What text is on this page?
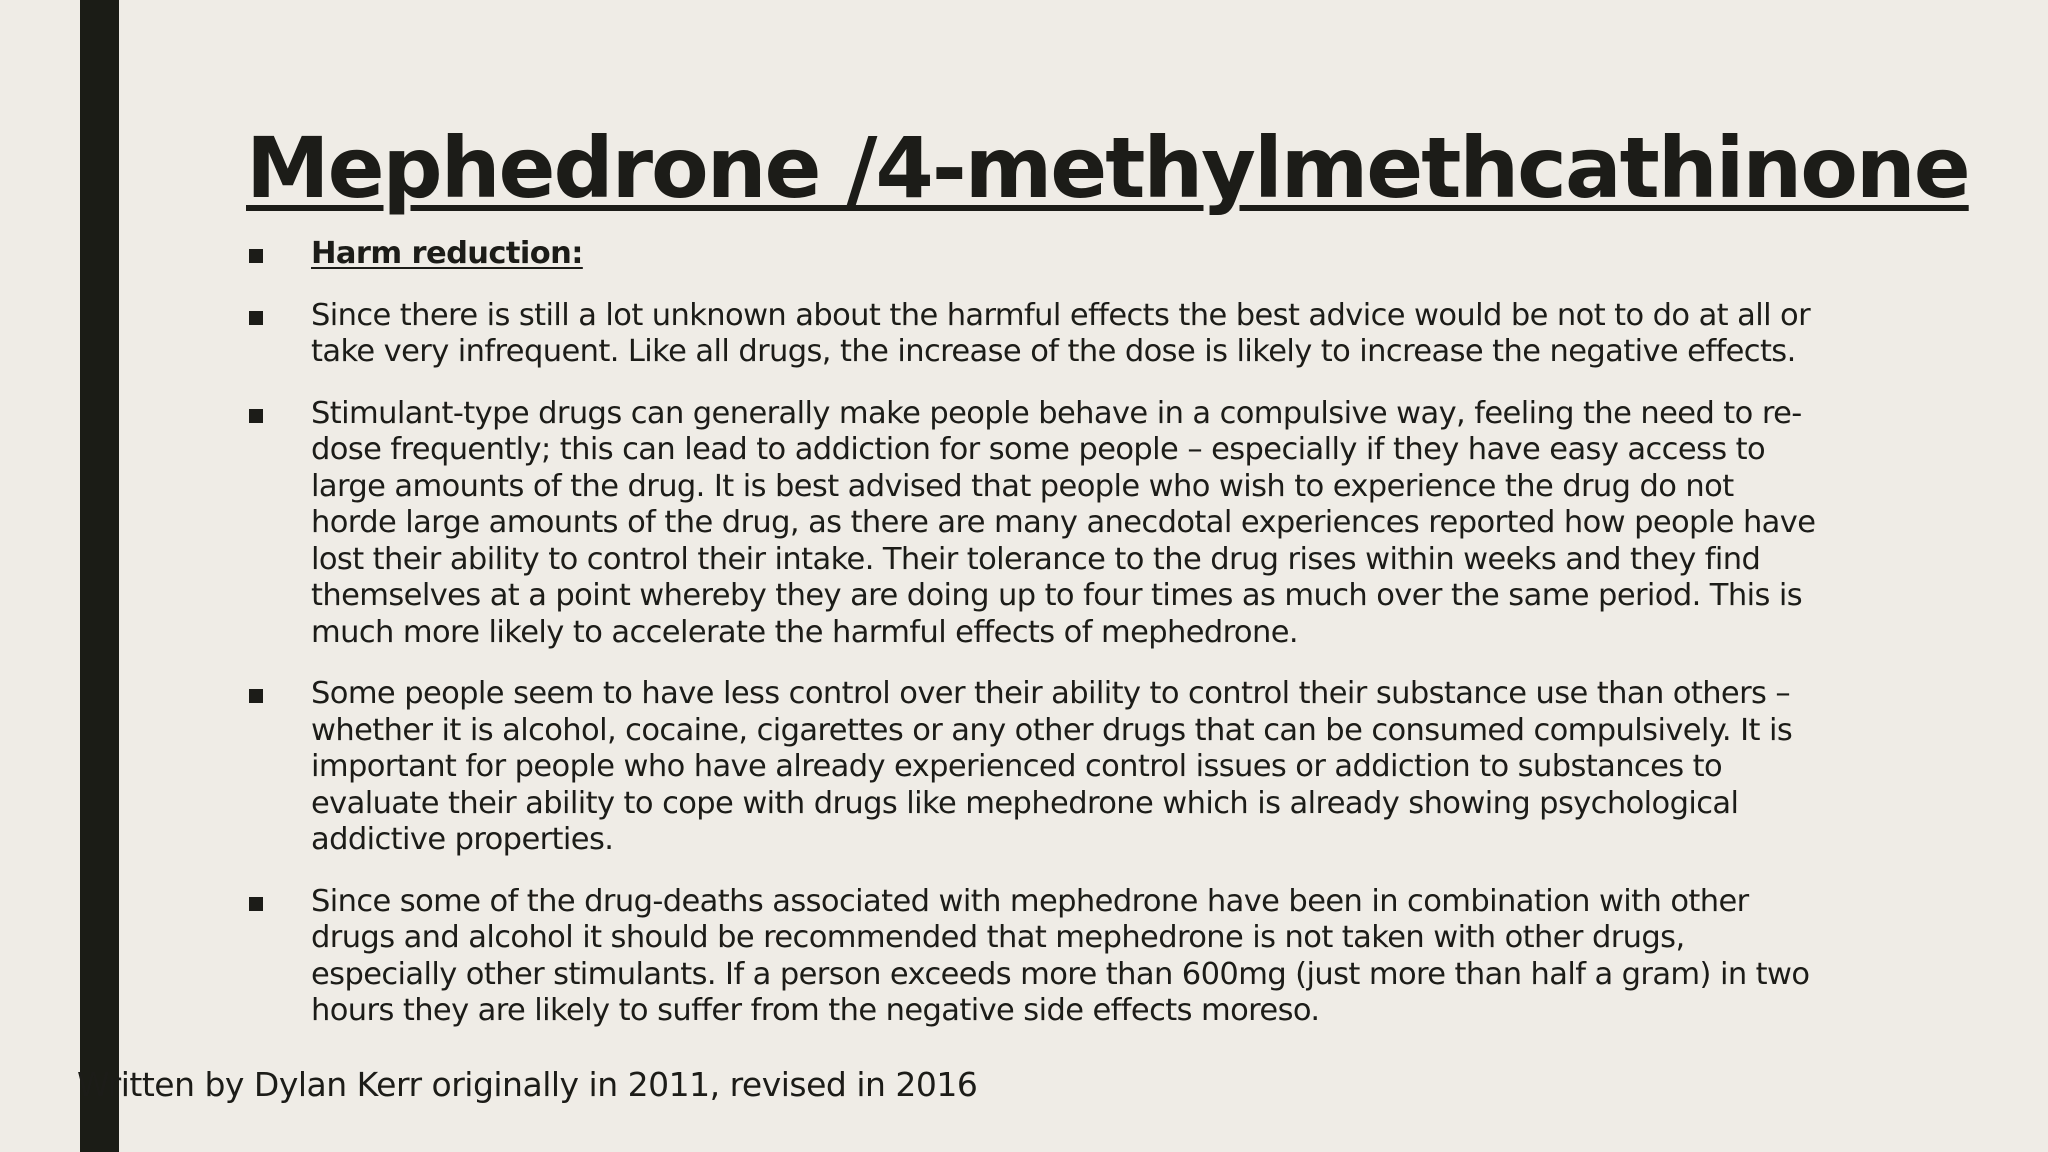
Mephedrone /4-methylmethcathinone
Harm reduction:
Since there is still a lot unknown about the harmful effects the best advice would be not to do at all or take very infrequent. Like all drugs, the increase of the dose is likely to increase the negative effects.
Stimulant-type drugs can generally make people behave in a compulsive way, feeling the need to re-dose frequently; this can lead to addiction for some people – especially if they have easy access to large amounts of the drug. It is best advised that people who wish to experience the drug do not horde large amounts of the drug, as there are many anecdotal experiences reported how people have lost their ability to control their intake. Their tolerance to the drug rises within weeks and they find themselves at a point whereby they are doing up to four times as much over the same period. This is much more likely to accelerate the harmful effects of mephedrone.
Some people seem to have less control over their ability to control their substance use than others – whether it is alcohol, cocaine, cigarettes or any other drugs that can be consumed compulsively. It is important for people who have already experienced control issues or addiction to substances to evaluate their ability to cope with drugs like mephedrone which is already showing psychological addictive properties.
Since some of the drug-deaths associated with mephedrone have been in combination with other drugs and alcohol it should be recommended that mephedrone is not taken with other drugs, especially other stimulants. If a person exceeds more than 600mg (just more than half a gram) in two hours they are likely to suffer from the negative side effects moreso.
Written by Dylan Kerr originally in 2011, revised in 2016
